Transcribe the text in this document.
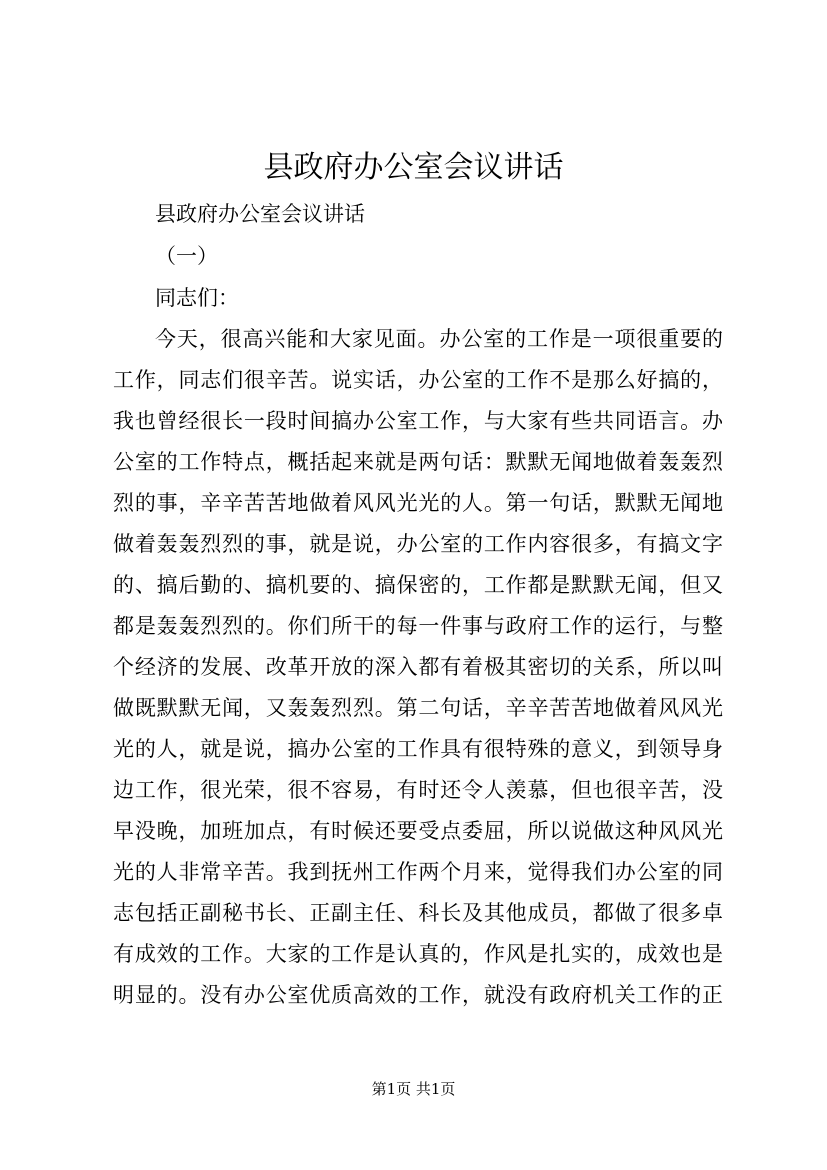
县政府办公室会议讲话
县政府办公室会议讲话
（一）
同志们：
今天，很高兴能和大家见面。办公室的工作是一项很重要的
工作，同志们很辛苦。说实话，办公室的工作不是那么好搞的，
我也曾经很长一段时间搞办公室工作，与大家有些共同语言。办
公室的工作特点，概括起来就是两句话：默默无闻地做着轰轰烈
烈的事，辛辛苦苦地做着风风光光的人。第一句话，默默无闻地
做着轰轰烈烈的事，就是说，办公室的工作内容很多，有搞文字
的、搞后勤的、搞机要的、搞保密的，工作都是默默无闻，但又
都是轰轰烈烈的。你们所干的每一件事与政府工作的运行，与整
个经济的发展、改革开放的深入都有着极其密切的关系，所以叫
做既默默无闻，又轰轰烈烈。第二句话，辛辛苦苦地做着风风光
光的人，就是说，搞办公室的工作具有很特殊的意义，到领导身
边工作，很光荣，很不容易，有时还令人羡慕，但也很辛苦，没
早没晚，加班加点，有时候还要受点委屈，所以说做这种风风光
光的人非常辛苦。我到抚州工作两个月来，觉得我们办公室的同
志包括正副秘书长、正副主任、科长及其他成员，都做了很多卓
有成效的工作。大家的工作是认真的，作风是扎实的，成效也是
明显的。没有办公室优质高效的工作，就没有政府机关工作的正
第1页 共1页
